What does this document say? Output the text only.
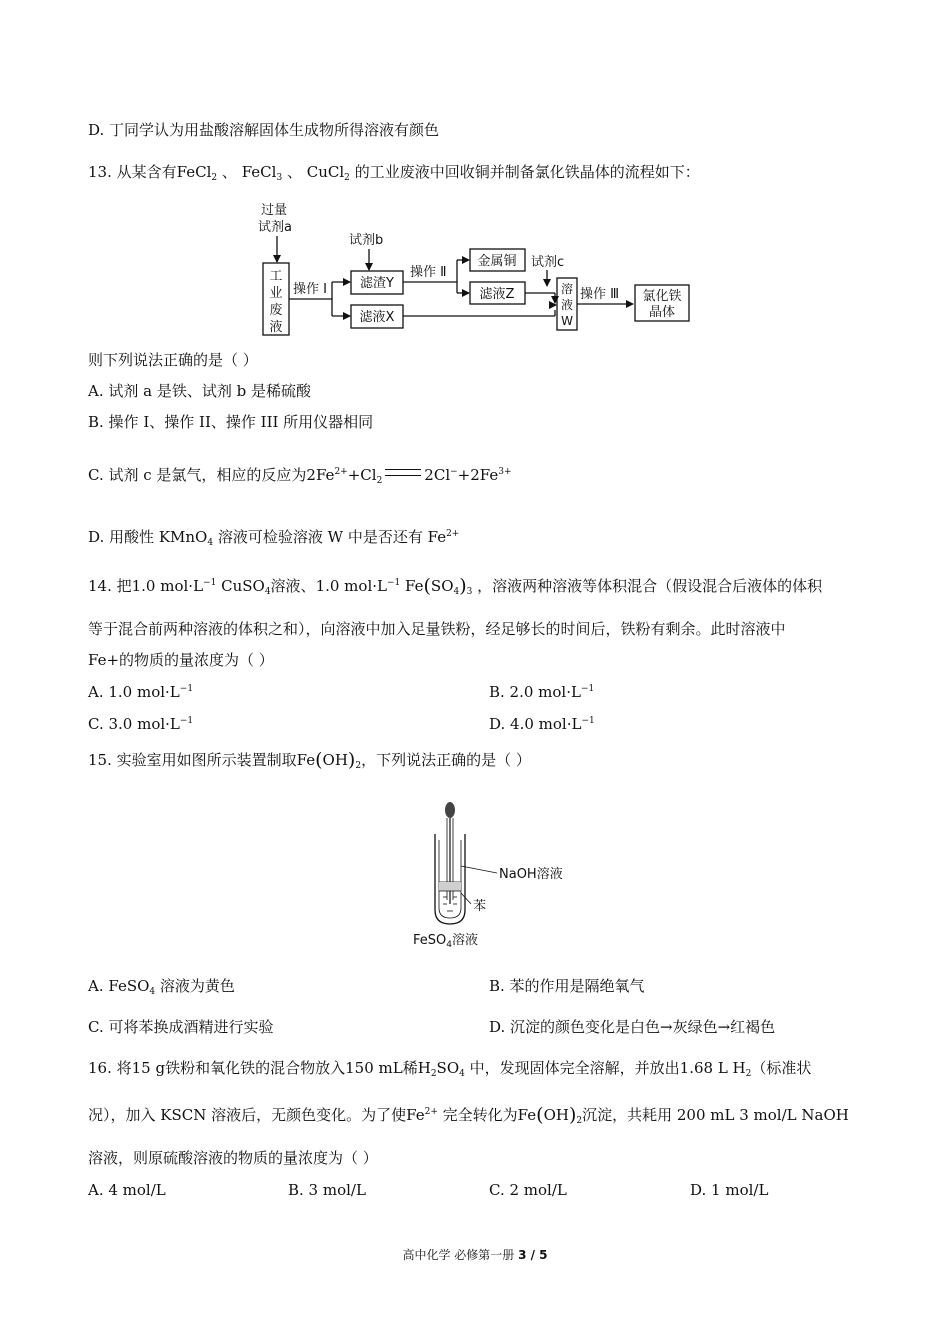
D. 丁同学认为用盐酸溶解固体生成物所得溶液有颜色
13. 从某含有FeCl$_2$ 、 FeCl$_3$ 、 CuCl$_2$ 的工业废液中回收铜并制备氯化铁晶体的流程如下：
过量
试剂a
工
业
废
液
操作 Ⅰ
试剂b
滤渣Y
滤液X
操作 Ⅱ
金属铜
滤液Z
试剂c
溶
液
W
操作 Ⅲ 氯化铁
晶体
则下列说法正确的是（ ）
A. 试剂 a 是铁、试剂 b 是稀硫酸
B. 操作 I、操作 II、操作 III 所用仪器相同
C. 试剂 c 是氯气，相应的反应为$2Fe^{2+}+Cl_2$	$2Cl^-+2Fe^{3+}$
D. 用酸性 KMnO$_4$ 溶液可检验溶液 W 中是否还有 $Fe^{2+}$
14. 把1.0 $mol\cdot L^{-1}$ CuSO$_4$溶液、1.0 $mol\cdot L^{-1}$ $Fe(SO_4)_3$ ，溶液两种溶液等体积混合（假设混合后液体的体积
等于混合前两种溶液的体积之和），向溶液中加入足量铁粉，经足够长的时间后，铁粉有剩余。此时溶液中
Fe+的物质的量浓度为（ ）
A. 1.0 $mol\cdot L^{-1}$	B. 2.0 $mol\cdot L^{-1}$
C. 3.0 $mol\cdot L^{-1}$	D. 4.0 $mol\cdot L^{-1}$
15. 实验室用如图所示装置制取$Fe(OH)_2$，下列说法正确的是（ ）
NaOH溶液
苯
FeSO$_4$溶液
A. FeSO$_4$ 溶液为黄色	B. 苯的作用是隔绝氧气
C. 可将苯换成酒精进行实验	D. 沉淀的颜色变化是白色→灰绿色→红褐色
16. 将15 g铁粉和氧化铁的混合物放入150 mL稀$H_2SO_4$ 中，发现固体完全溶解，并放出1.68 L $H_2$（标准状
况），加入 KSCN 溶液后，无颜色变化。为了使$Fe^{2+}$ 完全转化为$Fe(OH)_2$沉淀，共耗用 200 mL 3 mol/L NaOH
溶液，则原硫酸溶液的物质的量浓度为（ ）
A. 4 mol/L	B. 3 mol/L	C. 2 mol/L	D. 1 mol/L
高中化学 必修第一册 3 / 5
